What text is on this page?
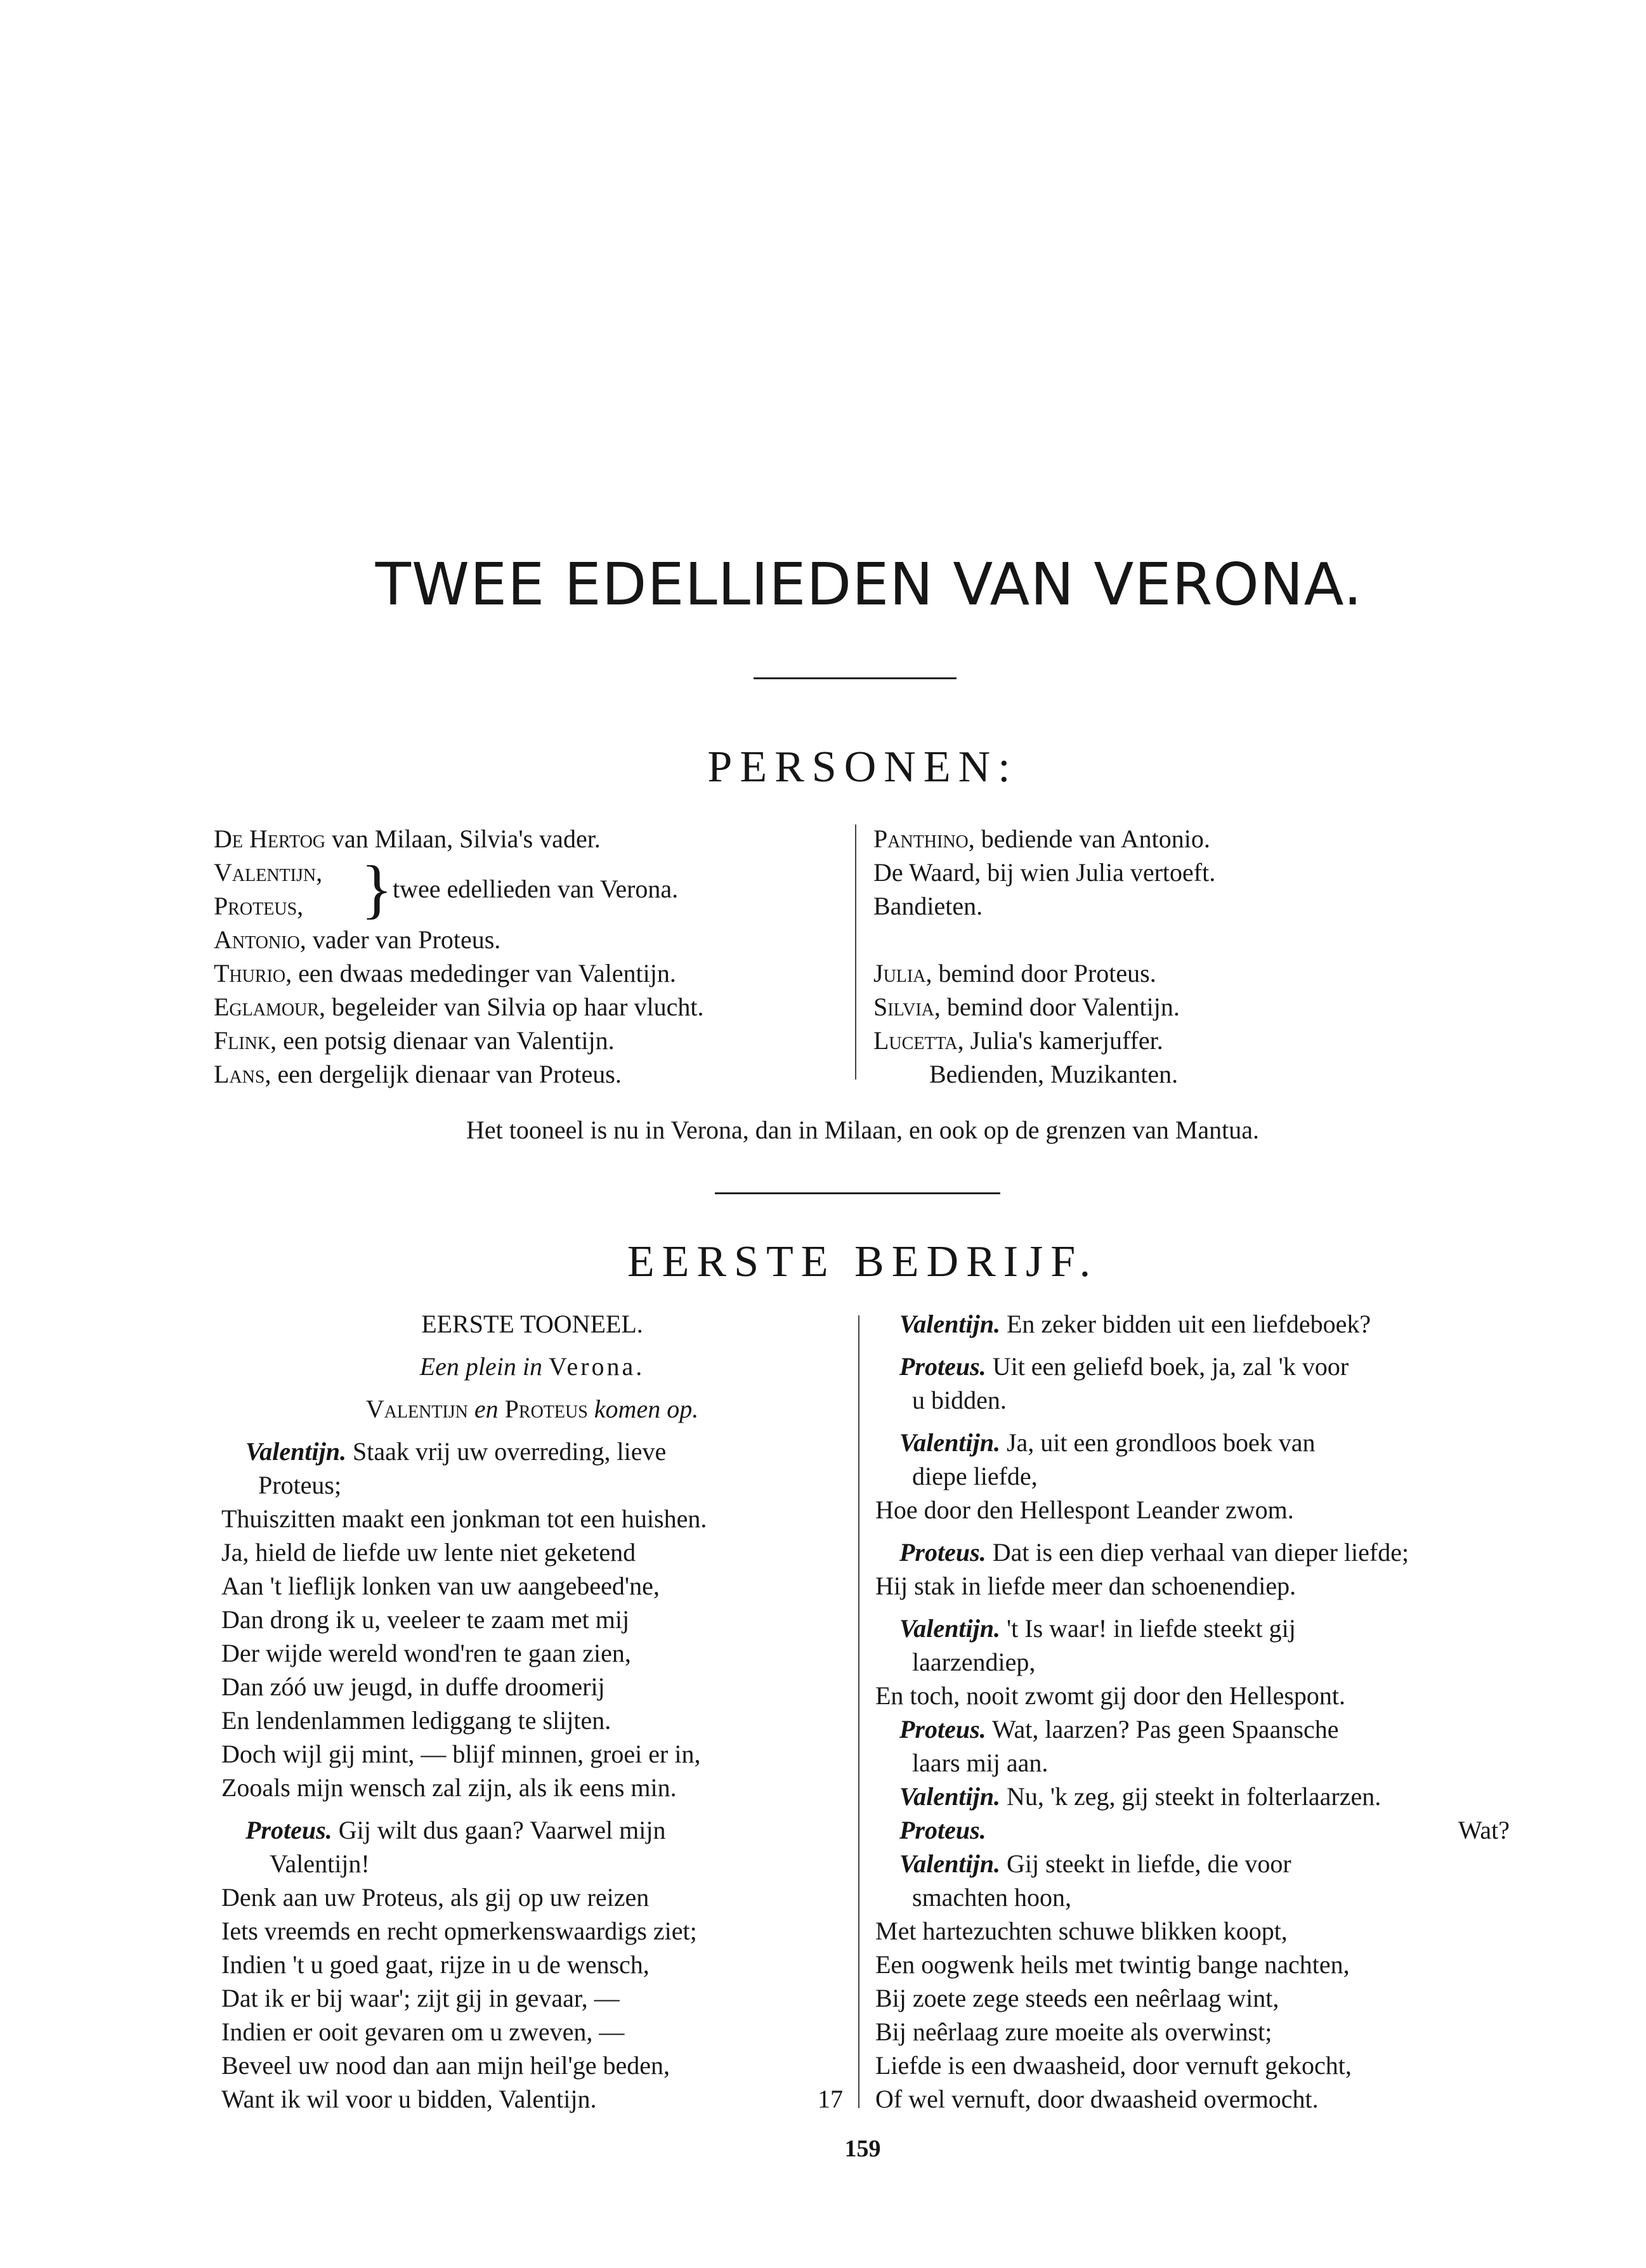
TWEE EDELLIEDEN VAN VERONA.
PERSONEN:
De Hertog van Milaan, Silvia's vader.
Valentijn,
Proteus, } twee edellieden van Verona.
Antonio, vader van Proteus.
Thurio, een dwaas mededinger van Valentijn.
Eglamour, begeleider van Silvia op haar vlucht.
Flink, een potsig dienaar van Valentijn.
Lans, een dergelijk dienaar van Proteus.
Panthino, bediende van Antonio.
De Waard, bij wien Julia vertoeft.
Bandieten.
Julia, bemind door Proteus.
Silvia, bemind door Valentijn.
Lucetta, Julia's kamerjuffer.
Bedienden, Muzikanten.
Het tooneel is nu in Verona, dan in Milaan, en ook op de grenzen van Mantua.
EERSTE BEDRIJF.
EERSTE TOONEEL.
Een plein in Verona.
Valentijn en Proteus komen op.
Valentijn. Staak vrij uw overreding, lieve
Proteus;
Thuiszitten maakt een jonkman tot een huishen.
Ja, hield de liefde uw lente niet geketend
Aan 't lieflijk lonken van uw aangebeed'ne,
Dan drong ik u, veeleer te zaam met mij
Der wijde wereld wond'ren te gaan zien,
Dan zóó uw jeugd, in duffe droomerij
En lendenlammen lediggang te slijten.
Doch wijl gij mint, — blijf minnen, groei er in,
Zooals mijn wensch zal zijn, als ik eens min.
Proteus. Gij wilt dus gaan? Vaarwel mijn
Valentijn!
Denk aan uw Proteus, als gij op uw reizen
Iets vreemds en recht opmerkenswaardigs ziet;
Indien 't u goed gaat, rijze in u de wensch,
Dat ik er bij waar'; zijt gij in gevaar, —
Indien er ooit gevaren om u zweven, —
Beveel uw nood dan aan mijn heil'ge beden,
Want ik wil voor u bidden, Valentijn.	17
Valentijn. En zeker bidden uit een liefdeboek?
Proteus. Uit een geliefd boek, ja, zal 'k voor
u bidden.
Valentijn. Ja, uit een grondloos boek van
diepe liefde,
Hoe door den Hellespont Leander zwom.
Proteus. Dat is een diep verhaal van dieper liefde;
Hij stak in liefde meer dan schoenendiep.
Valentijn. 't Is waar! in liefde steekt gij
laarzendiep,
En toch, nooit zwomt gij door den Hellespont.
Proteus. Wat, laarzen? Pas geen Spaansche
laars mij aan.
Valentijn. Nu, 'k zeg, gij steekt in folterlaarzen.
Proteus.	Wat?
Valentijn. Gij steekt in liefde, die voor
smachten hoon,
Met hartezuchten schuwe blikken koopt,
Een oogwenk heils met twintig bange nachten,
Bij zoete zege steeds een neêrlaag wint,
Bij neêrlaag zure moeite als overwinst;
Liefde is een dwaasheid, door vernuft gekocht,
Of wel vernuft, door dwaasheid overmocht.
159
